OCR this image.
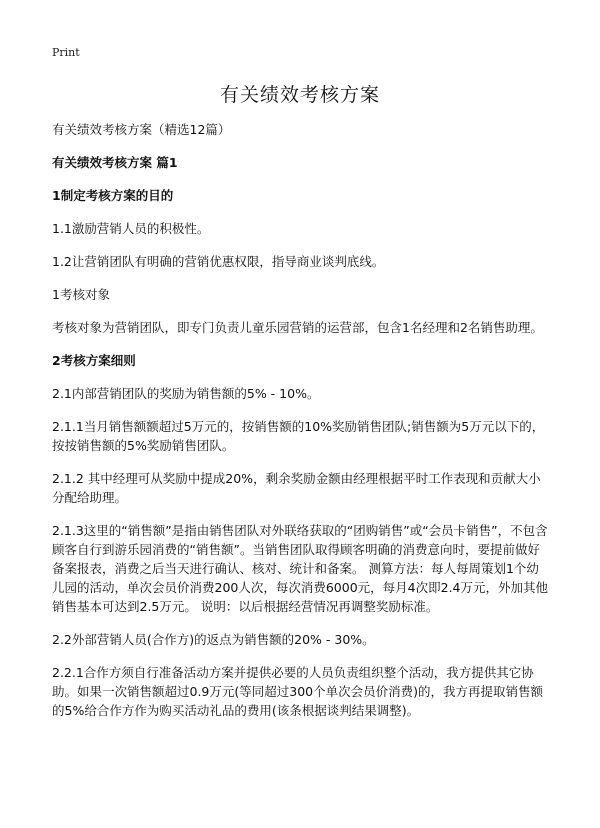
Print
有关绩效考核方案
有关绩效考核方案（精选12篇）
有关绩效考核方案 篇1
1制定考核方案的目的
1.1激励营销人员的积极性。
1.2让营销团队有明确的营销优惠权限，指导商业谈判底线。
1考核对象
考核对象为营销团队，即专门负责儿童乐园营销的运营部，包含1名经理和2名销售助理。
2考核方案细则
2.1内部营销团队的奖励为销售额的5% - 10%。
2.1.1当月销售额额超过5万元的，按销售额的10%奖励销售团队;销售额为5万元以下的，按按销售额的5%奖励销售团队。
2.1.2 其中经理可从奖励中提成20%，剩余奖励金额由经理根据平时工作表现和贡献大小分配给助理。
2.1.3这里的“销售额”是指由销售团队对外联络获取的“团购销售”或“会员卡销售”，不包含顾客自行到游乐园消费的“销售额”。当销售团队取得顾客明确的消费意向时，要提前做好备案报表，消费之后当天进行确认、核对、统计和备案。 测算方法：每人每周策划1个幼儿园的活动，单次会员价消费200人次，每次消费6000元，每月4次即2.4万元，外加其他销售基本可达到2.5万元。 说明：以后根据经营情况再调整奖励标准。
2.2外部营销人员(合作方)的返点为销售额的20% - 30%。
2.2.1合作方须自行准备活动方案并提供必要的人员负责组织整个活动，我方提供其它协助。如果一次销售额超过0.9万元(等同超过300个单次会员价消费)的，我方再提取销售额的5%给合作方作为购买活动礼品的费用(该条根据谈判结果调整)。
